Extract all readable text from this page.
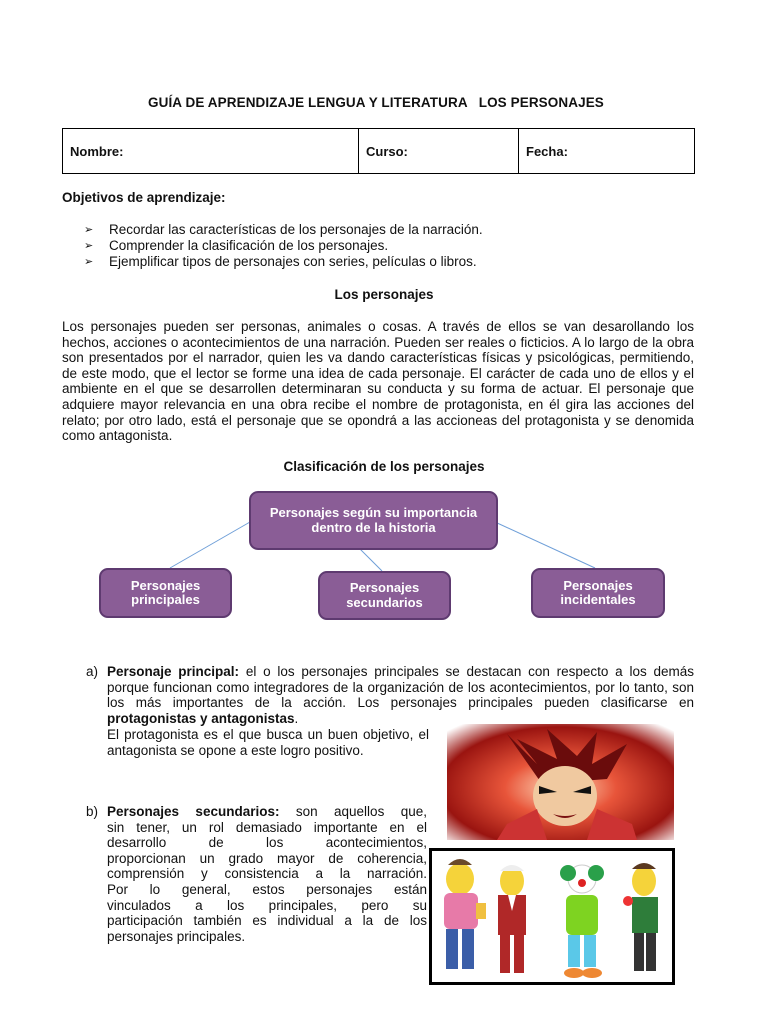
GUÍA DE APRENDIZAJE LENGUA Y LITERATURA   LOS PERSONAJES
Nombre:	Curso:	Fecha:
Objetivos de aprendizaje:
➢ Recordar las características de los personajes de la narración.
➢ Comprender la clasificación de los personajes.
➢ Ejemplificar tipos de personajes con series, películas o libros.
Los personajes
Los personajes pueden ser personas, animales o cosas. A través de ellos se van desarollando los hechos, acciones o acontecimientos de una narración. Pueden ser reales o ficticios. A lo largo de la obra son presentados por el narrador, quien les va dando características físicas y psicológicas, permitiendo, de este modo, que el lector se forme una idea de cada personaje. El carácter de cada uno de ellos y el ambiente en el que se desarrollen determinaran su conducta y su forma de actuar. El personaje que adquiere mayor relevancia en una obra recibe el nombre de protagonista, en él gira las acciones del relato; por otro lado, está el personaje que se opondrá a las accioneas del protagonista y se denomida como antagonista.
Clasificación de los personajes
Personajes según su importancia dentro de la historia
Personajes principales
Personajes secundarios
Personajes incidentales
a) Personaje principal: el o los personajes principales se destacan con respecto a los demás porque funcionan como integradores de la organización de los acontecimientos, por lo tanto, son los más importantes de la acción. Los personajes principales pueden clasificarse en protagonistas y antagonistas.
El protagonista es el que busca un buen objetivo, el antagonista se opone a este logro positivo.
b) Personajes secundarios: son aquellos que,
sin tener, un rol demasiado importante en el
desarrollo de los acontecimientos,
proporcionan un grado mayor de coherencia,
comprensión y consistencia a la narración.
Por lo general, estos personajes están
vinculados a los principales, pero su
participación también es individual a la de los
personajes principales.
